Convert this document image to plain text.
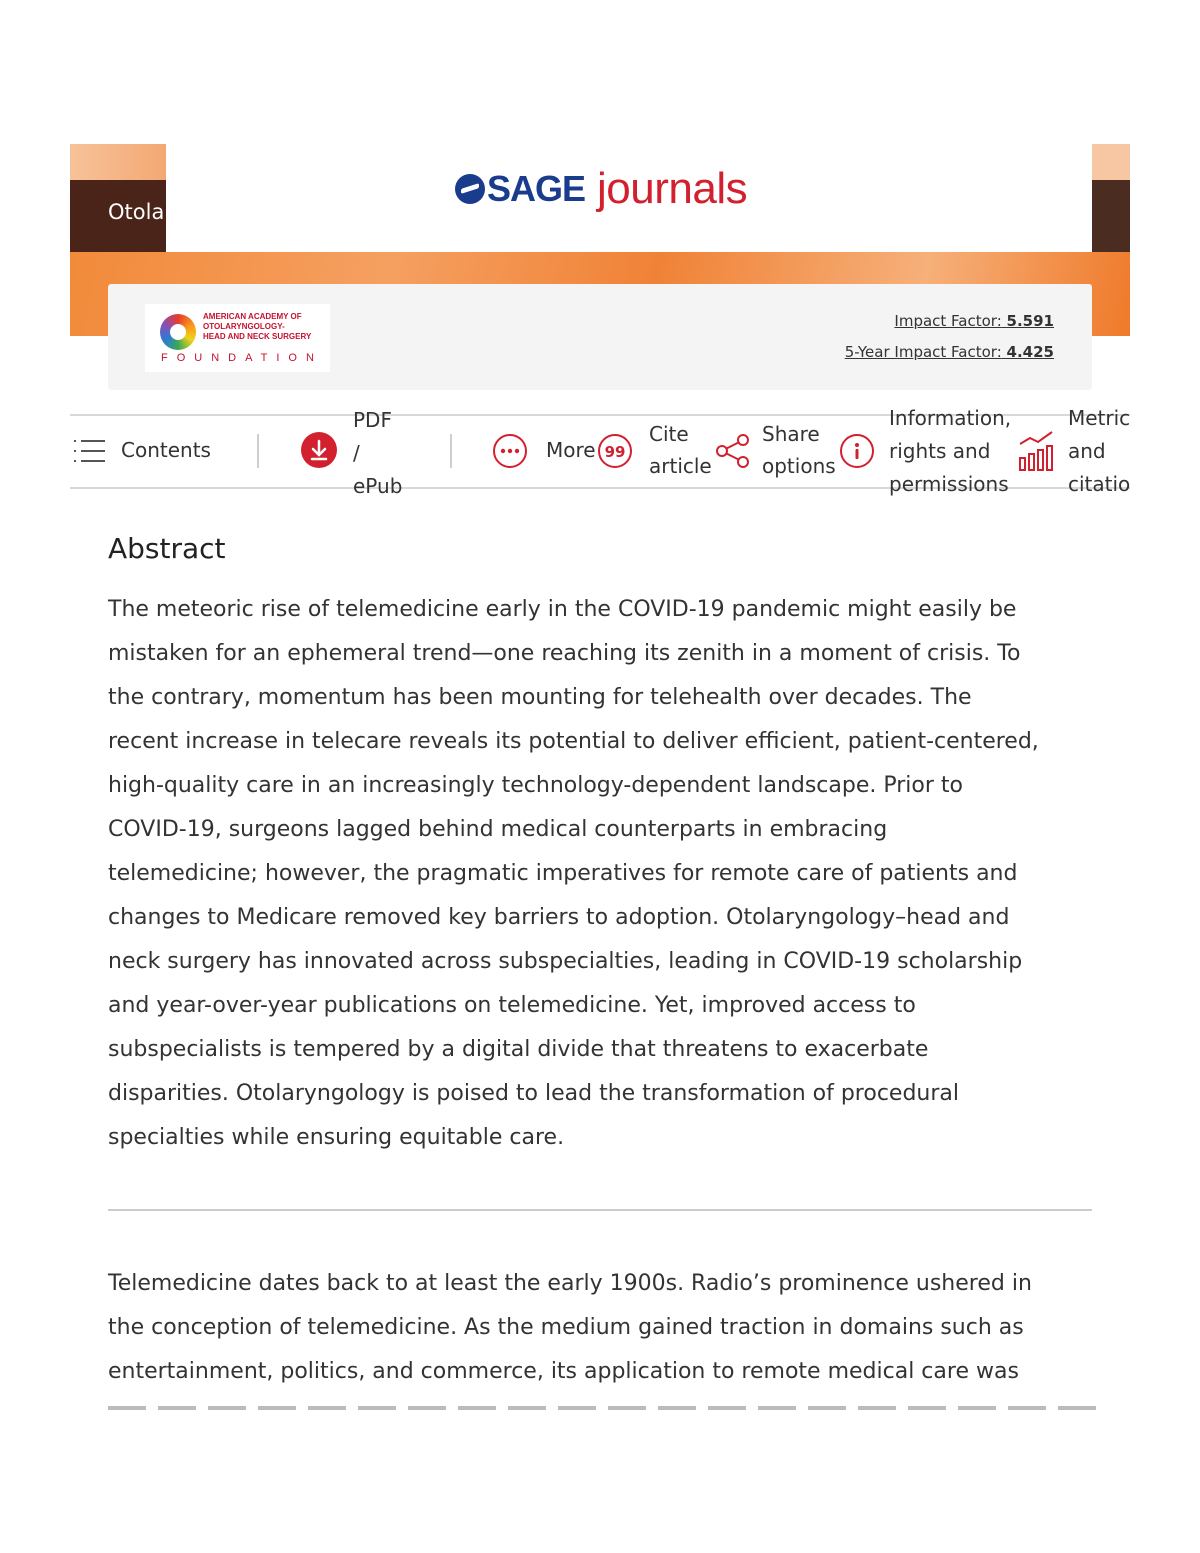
Otola
SAGE journals
AMERICAN ACADEMY OF
OTOLARYNGOLOGY-
HEAD AND NECK SURGERY
FOUNDATION
Impact Factor: 5.591
5-Year Impact Factor: 4.425
Contents
PDF
/
ePub
More 99
Cite
article
Share
options
Information,
rights and
permissions
Metric
and
citatio
Abstract
The meteoric rise of telemedicine early in the COVID-19 pandemic might easily be
mistaken for an ephemeral trend—one reaching its zenith in a moment of crisis. To
the contrary, momentum has been mounting for telehealth over decades. The
recent increase in telecare reveals its potential to deliver efficient, patient-centered,
high-quality care in an increasingly technology-dependent landscape. Prior to
COVID-19, surgeons lagged behind medical counterparts in embracing
telemedicine; however, the pragmatic imperatives for remote care of patients and
changes to Medicare removed key barriers to adoption. Otolaryngology–head and
neck surgery has innovated across subspecialties, leading in COVID-19 scholarship
and year-over-year publications on telemedicine. Yet, improved access to
subspecialists is tempered by a digital divide that threatens to exacerbate
disparities. Otolaryngology is poised to lead the transformation of procedural
specialties while ensuring equitable care.
Telemedicine dates back to at least the early 1900s. Radio’s prominence ushered in
the conception of telemedicine. As the medium gained traction in domains such as
entertainment, politics, and commerce, its application to remote medical care was
